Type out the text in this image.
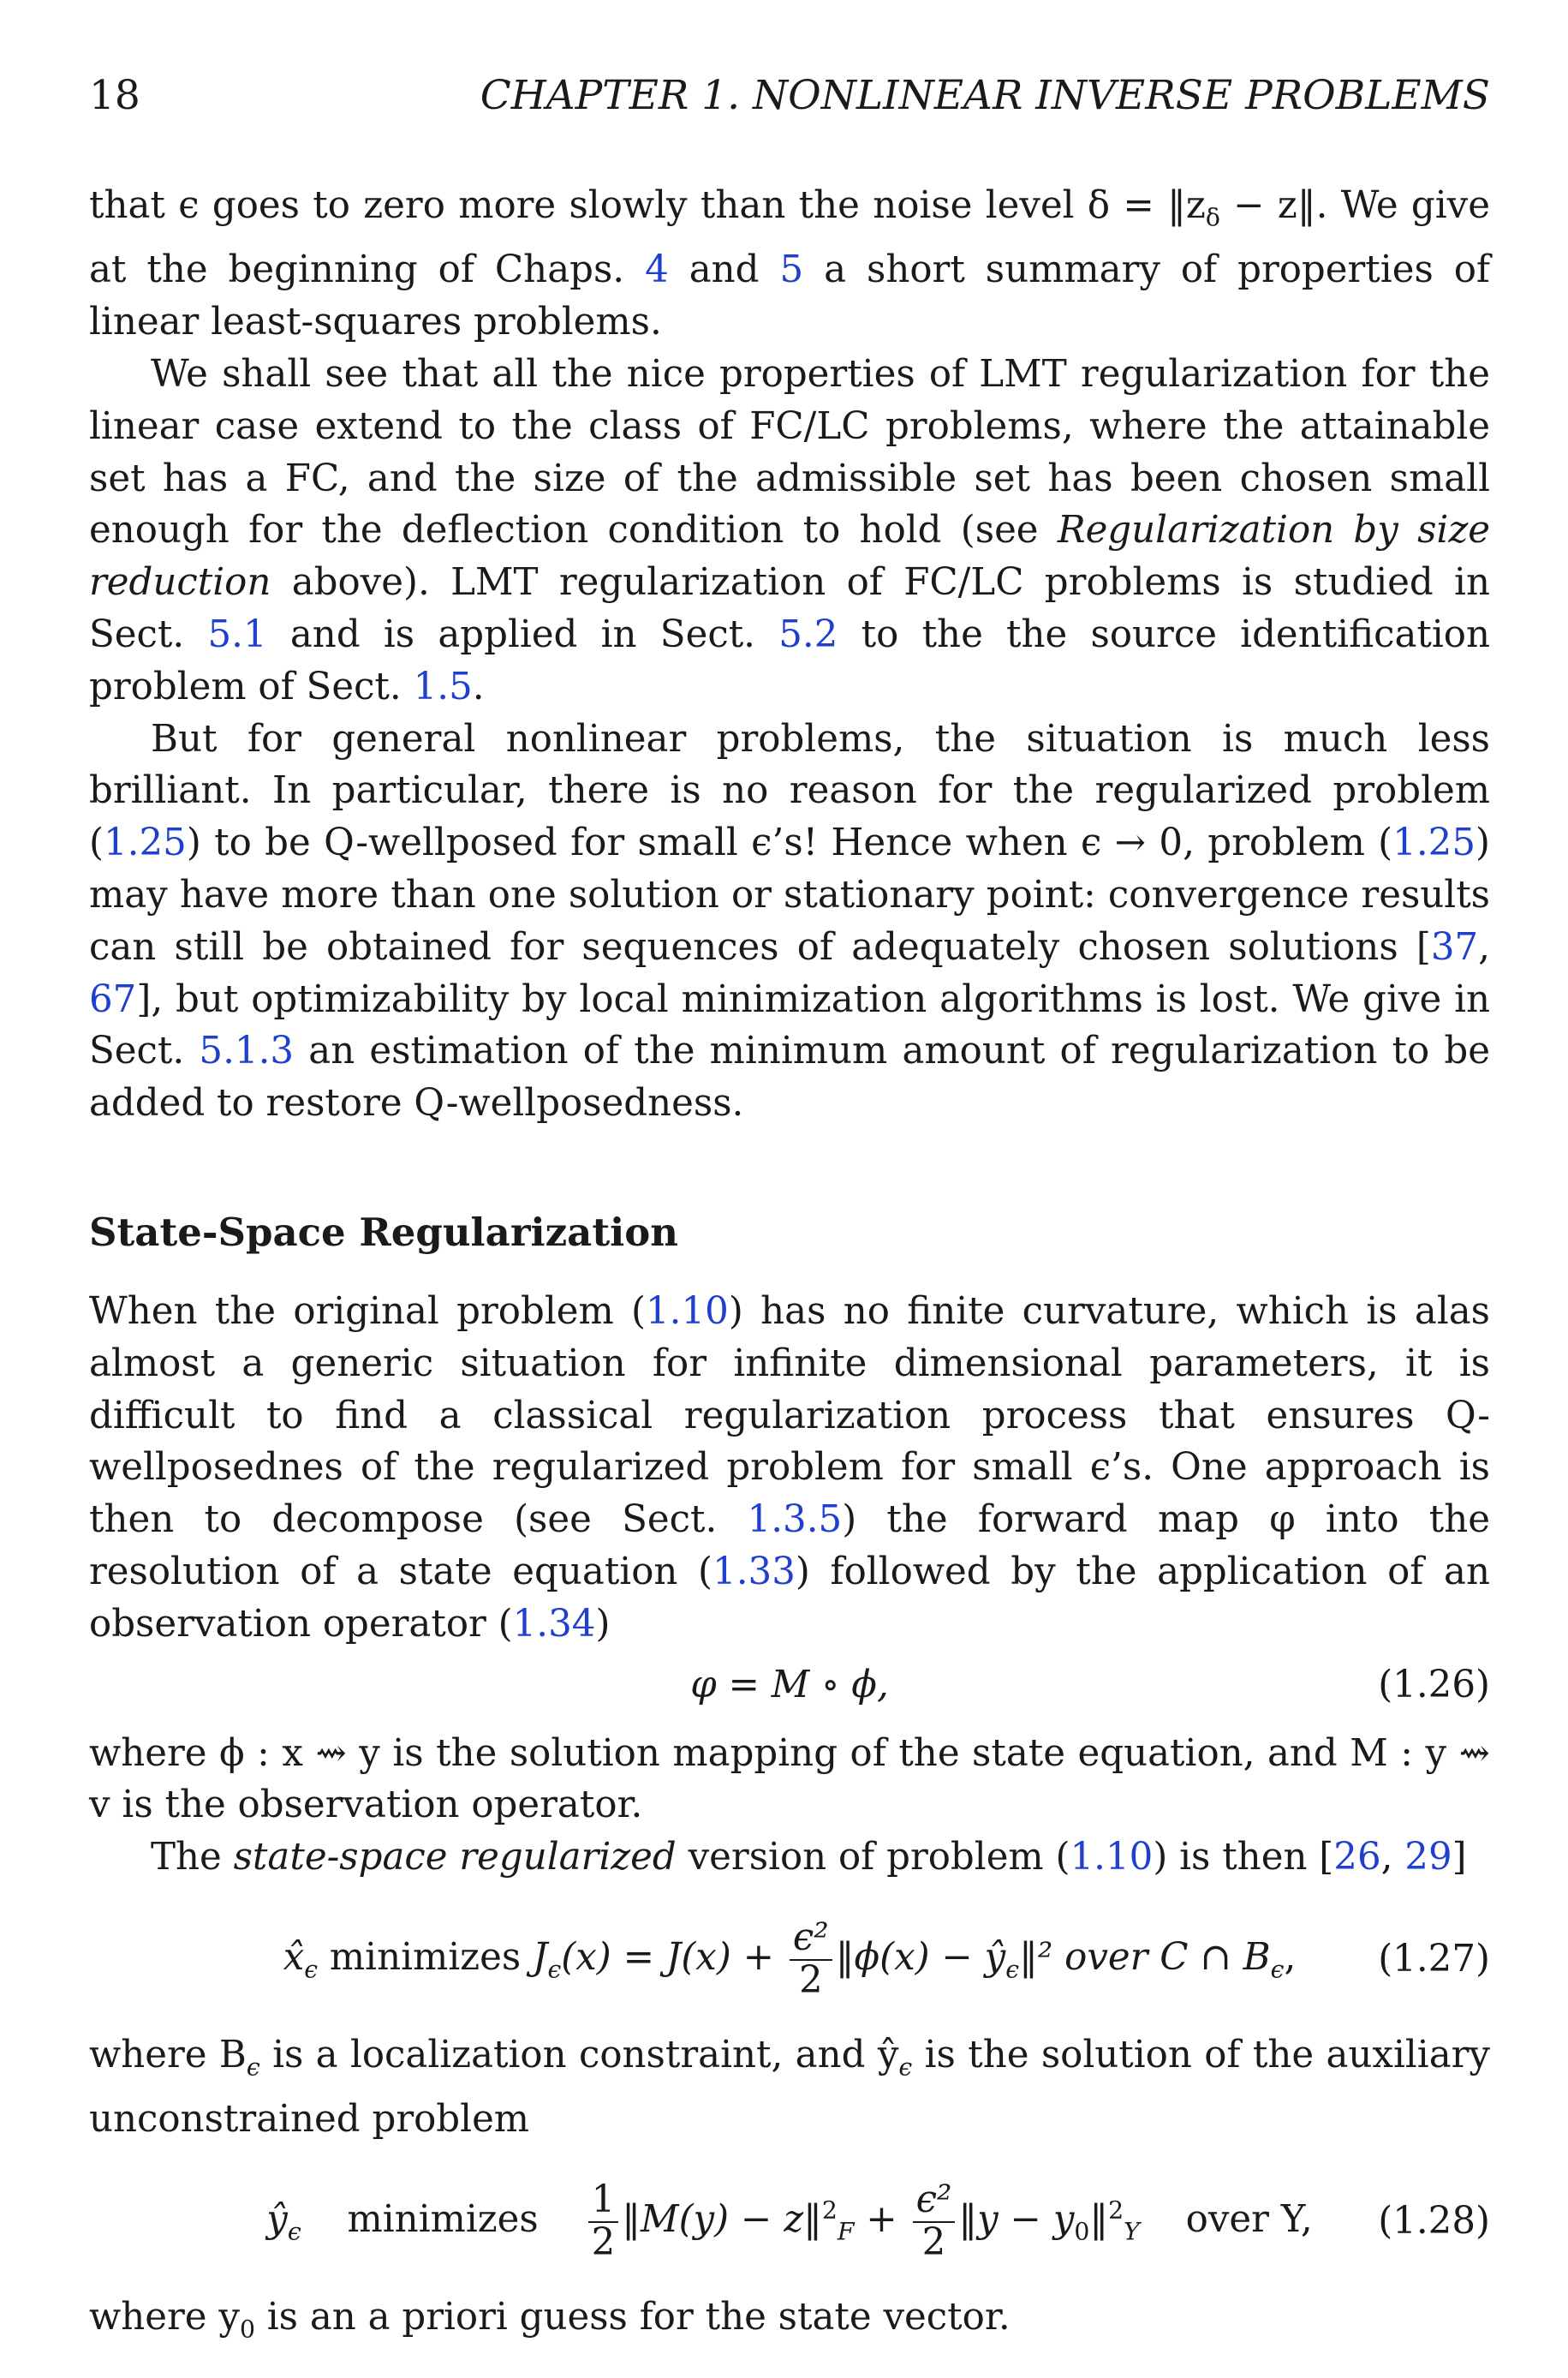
18	CHAPTER 1. NONLINEAR INVERSE PROBLEMS

that ϵ goes to zero more slowly than the noise level $\delta = ‖z_\delta$ − z‖. We give at the beginning of Chaps. 4 and 5 a short summary of properties of linear least-squares problems.

We shall see that all the nice properties of LMT regularization for the linear case extend to the class of FC/LC problems, where the attainable set has a FC, and the size of the admissible set has been chosen small enough for the deflection condition to hold (see Regularization by size reduction above). LMT regularization of FC/LC problems is studied in Sect. 5.1 and is applied in Sect. 5.2 to the the source identification problem of Sect. 1.5.

But for general nonlinear problems, the situation is much less brilliant. In particular, there is no reason for the regularized problem (1.25) to be Q-wellposed for small ϵ’s! Hence when ϵ → 0, problem (1.25) may have more than one solution or stationary point: convergence results can still be obtained for sequences of adequately chosen solutions [37, 67], but optimizability by local minimization algorithms is lost. We give in Sect. 5.1.3 an estimation of the minimum amount of regularization to be added to restore Q-wellposedness.

State-Space Regularization

When the original problem (1.10) has no finite curvature, which is alas almost a generic situation for infinite dimensional parameters, it is difficult to find a classical regularization process that ensures Q-wellposednes of the regularized problem for small ϵ’s. One approach is then to decompose (see Sect. 1.3.5) the forward map φ into the resolution of a state equation (1.33) followed by the application of an observation operator (1.34)

φ = M ∘ ϕ,	(1.26)

where ϕ : x ⇝ y is the solution mapping of the state equation, and M : y ⇝ v is the observation operator.

The state-space regularized version of problem (1.10) is then [26, 29]

$x̂_\epsilon$ minimizes $J_\epsilon(x) = J(x) + \frac{\text{ϵ²}}{2}$ ‖ϕ(x) − $ŷ_\epsilon‖^2$ over C ∩ $B_\epsilon$,	(1.27)

where $B_\epsilon$ is a localization constraint, and $ŷ_\epsilon$ is the solution of the auxiliary unconstrained problem

$ŷ_\epsilon$ minimizes $\frac{1}{2}$ ‖M(y) − z‖$^2_F$ + $\frac{\text{ϵ²}}{2}$ ‖y − $y_0‖^2_Y$ over Y,	(1.28)

where $y_0$ is an a priori guess for the state vector.
